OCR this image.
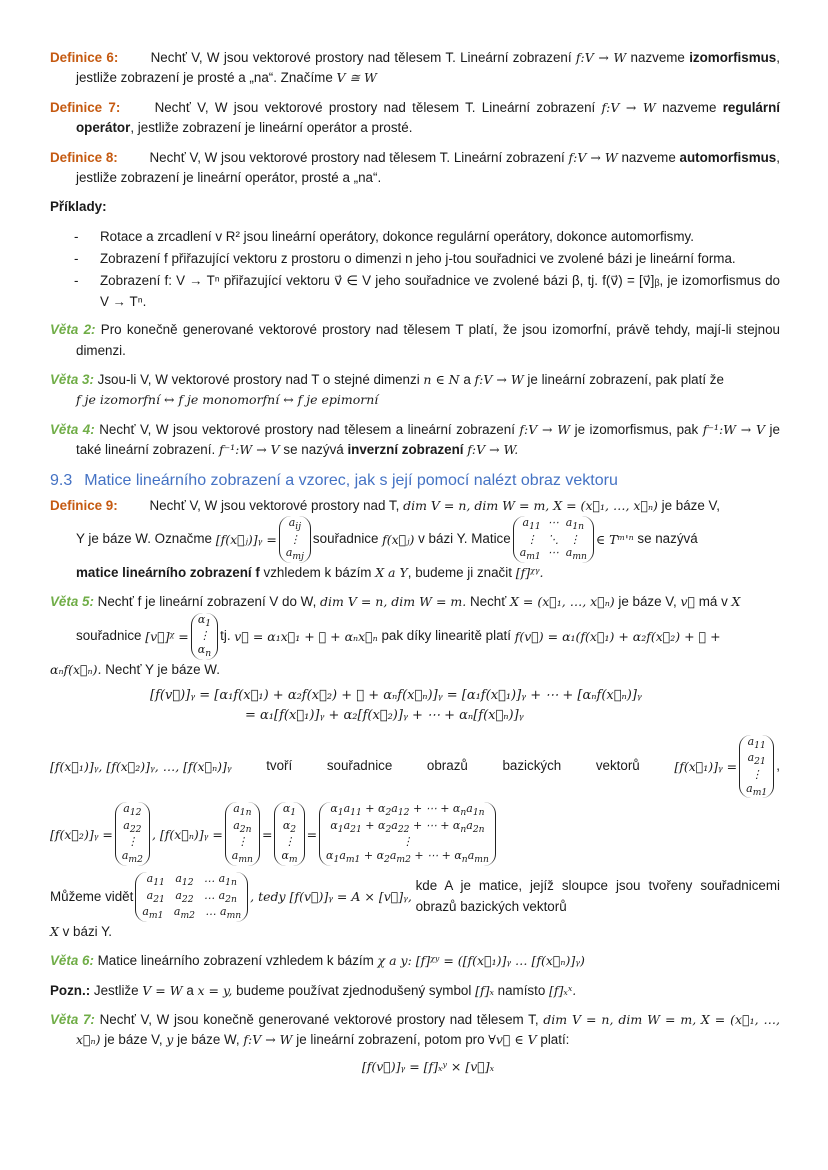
Definice 6: Nechť V, W jsou vektorové prostory nad tělesem T. Lineární zobrazení f:V → W nazveme izomorfismus, jestliže zobrazení je prosté a „na“. Značíme V ≅ W

Definice 7:	Nechť V, W jsou vektorové prostory nad tělesem T. Lineární zobrazení f:V → W nazveme regulární operátor, jestliže zobrazení je lineární operátor a prosté.

Definice 8: Nechť V, W jsou vektorové prostory nad tělesem T. Lineární zobrazení f:V → W nazveme automorfismus, jestliže zobrazení je lineární operátor, prosté a „na“.

Příklady:

- Rotace a zrcadlení v R² jsou lineární operátory, dokonce regulární operátory, dokonce automorfismy.
- Zobrazení f přiřazující vektoru z prostoru o dimenzi n jeho j-tou souřadnici ve zvolené bázi je lineární forma.
- Zobrazení f: V → Tⁿ přiřazující vektoru v⃗ ∈ V jeho souřadnice ve zvolené bázi β, tj. f(v⃗) = [v⃗]ᵦ, je izomorfismus do V → Tⁿ.

Věta 2: Pro konečně generované vektorové prostory nad tělesem T platí, že jsou izomorfní, právě tehdy, mají-li stejnou dimenzi.

Věta 3: Jsou-li V, W vektorové prostory nad T o stejné dimenzi n ∈ N a f:V → W je lineární zobrazení, pak platí že
f je izomorfní ↔ f je monomorfní ↔ f je epimorní

Věta 4: Nechť V, W jsou vektorové prostory nad tělesem a lineární zobrazení f:V → W je izomorfismus, pak f⁻¹:W → V je také lineární zobrazení. f⁻¹:W → V se nazývá inverzní zobrazení f:V → W.

9.3 Matice lineárního zobrazení a vzorec, jak s její pomocí nalézt obraz vektoru
Definice 9: Nechť V, W jsou vektorové prostory nad T, dim V = n, dim W = m, X = (x⃗₁, …, x⃗ₙ) je báze V,
Y je báze W. Označme
[f(x⃗ⱼ)]ᵧ =
$a_{ij}$
⋮
$a_{mj}$
souřadnice
f(x⃗ⱼ)
v bázi Y. Matice
$a_{11}$  ⋯  $a_{1n}$
⋮   ⋱   ⋮
$a_{m1}$  ⋯  $a_{mn}$
∈ Tᵐ'ⁿ
se nazývá
matice lineárního zobrazení f vzhledem k bázím X a Y, budeme ji značit [f]ᵡᵞ.
Věta 5: Nechť f je lineární zobrazení V do W, dim V = n, dim W = m. Nechť X = (x⃗₁, …, x⃗ₙ) je báze V, v⃗ má v X
souřadnice
[v⃗]ᵡ =
$\alpha_1$
⋮
$\alpha_n$
tj.
v⃗ = α₁x⃗₁ + ⋯ + αₙx⃗ₙ
pak díky linearitě platí
f(v⃗) = α₁(f(x⃗₁) + α₂f(x⃗₂) + ⋯ +
αₙf(x⃗ₙ). Nechť Y je báze W.
[f(v⃗)]ᵧ = [α₁f(x⃗₁) + α₂f(x⃗₂) + ⋯ + αₙf(x⃗ₙ)]ᵧ = [α₁f(x⃗₁)]ᵧ + ⋯ + [αₙf(x⃗ₙ)]ᵧ
= α₁[f(x⃗₁)]ᵧ + α₂[f(x⃗₂)]ᵧ + ⋯ + αₙ[f(x⃗ₙ)]ᵧ
[f(x⃗₁)]ᵧ, [f(x⃗₂)]ᵧ, …, [f(x⃗ₙ)]ᵧ	tvoří	souřadnice	obrazů	bazických	vektorů	[f(x⃗₁)]ᵧ =
$a_{11}$
$a_{21}$
⋮
$a_{m1}$
,
[f(x⃗₂)]ᵧ =
$a_{12}$
$a_{22}$
⋮
$a_{m2}$
, [f(x⃗ₙ)]ᵧ =
$a_{1n}$
$a_{2n}$
⋮
$a_{mn}$
=
$\alpha_1$
$\alpha_2$
⋮
$\alpha_m$
=
$\alpha_1a_{11} + \alpha_2a_{12}$ + ⋯ + $\alpha_na_{1n}$
$\alpha_1a_{21} + \alpha_2a_{22}$ + ⋯ + $\alpha_na_{2n}$
⋮
$\alpha_1a_{m1} + \alpha_2a_{m2}$ + ⋯ + $\alpha_na_{mn}$
Můžeme vidět
$a_{11}$   $a_{12}$   … $a_{1n}$
$a_{21}$   $a_{22}$   … $a_{2n}$
$a_{m1}$   $a_{m2}$   … $a_{mn}$
, tedy [f(v⃗)]ᵧ = A × [v⃗]ᵧ,

kde A je matice, jejíž sloupce jsou tvořeny souřadnicemi obrazů bazických vektorů
X v bázi Y.

Věta 6: Matice lineárního zobrazení vzhledem k bázím χ a y: [f]ᵡʸ = ([f(x⃗₁)]ᵧ … [f(x⃗ₙ)]ᵧ)

Pozn.: Jestliže V = W a x = y, budeme používat zjednodušený symbol [f]ₓ namísto [f]ₓˣ.

Věta 7: Nechť V, W jsou konečně generované vektorové prostory nad tělesem T, dim V = n, dim W = m, X = (x⃗₁, …, x⃗ₙ) je báze V, y je báze W, f:V → W je lineární zobrazení, potom pro ∀v⃗ ∈ V platí:
[f(v⃗)]ᵧ = [f]ₓʸ × [v⃗]ₓ
